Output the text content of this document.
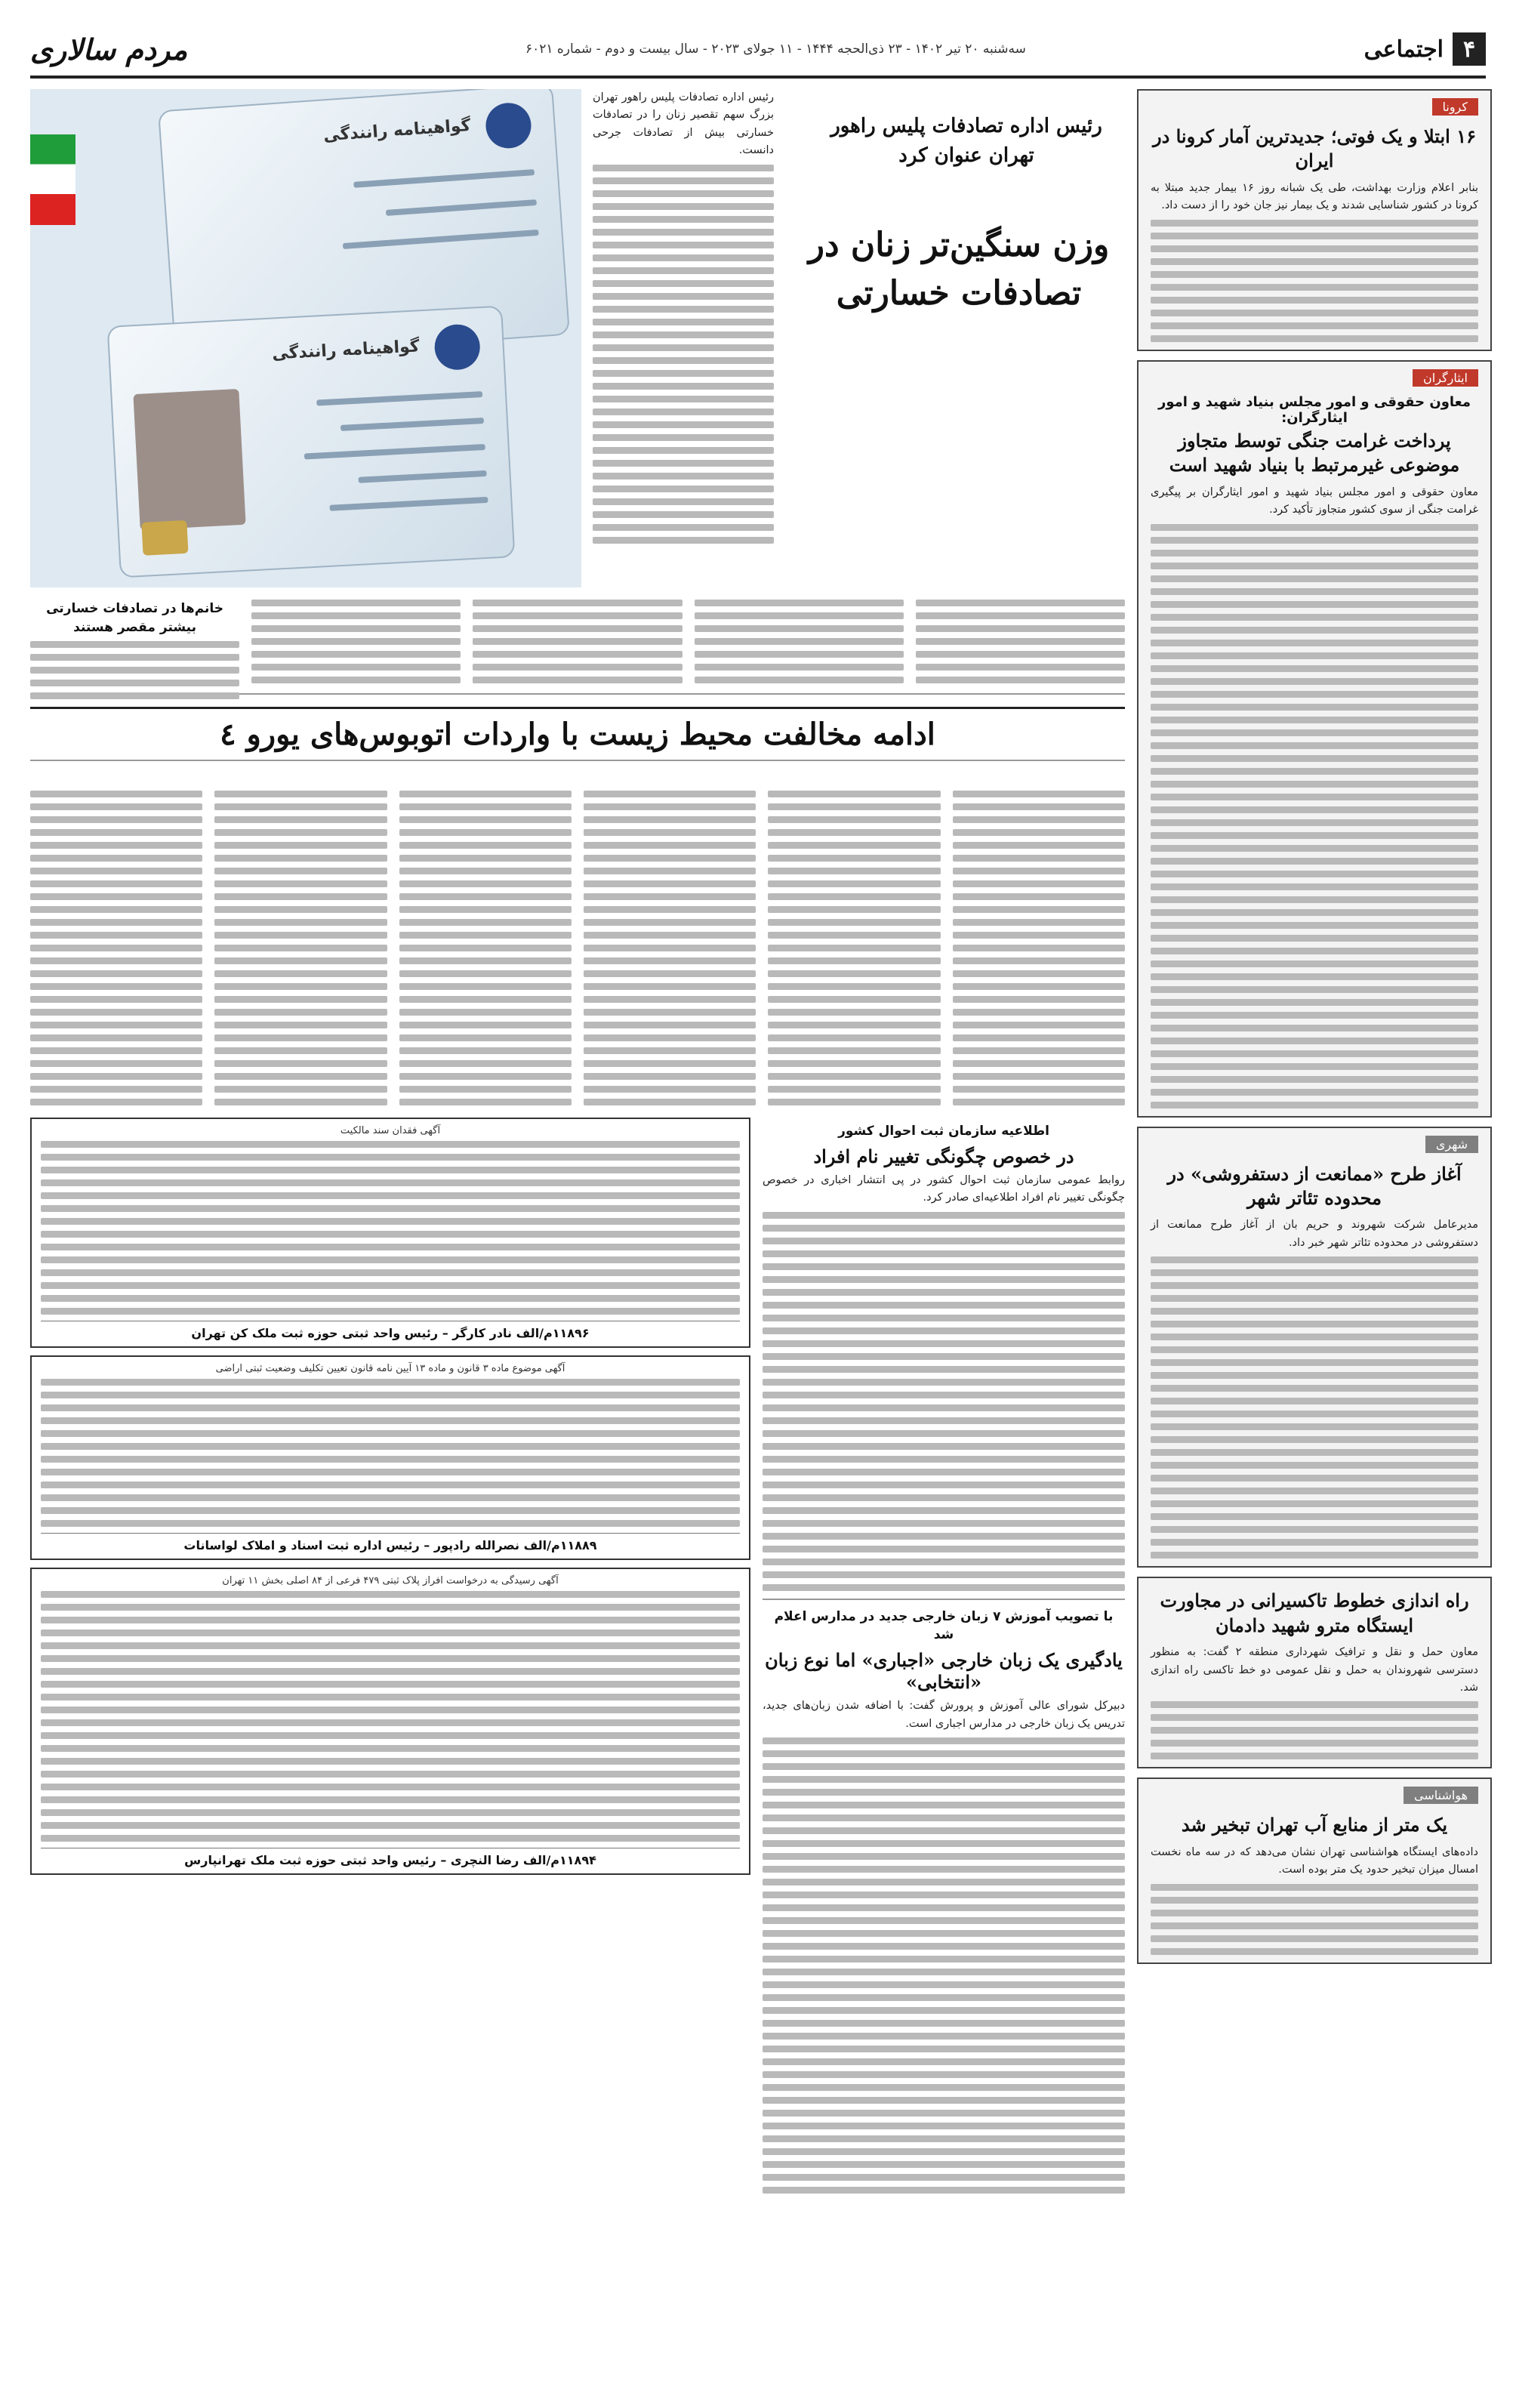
۴
اجتماعی
سه‌شنبه ۲۰ تیر ۱۴۰۲ - ۲۳ ذی‌الحجه ۱۴۴۴ - ۱۱ جولای ۲۰۲۳ - سال بیست و دوم - شماره ۶۰۲۱
مردم سالاری
کرونا
۱۶ ابتلا و یک فوتی؛ جدیدترین آمار کرونا در ایران
بنابر اعلام وزارت بهداشت، طی یک شبانه روز ۱۶ بیمار جدید مبتلا به کرونا در کشور شناسایی شدند و یک بیمار نیز جان خود را از دست داد.
ایثارگران
معاون حقوقی و امور مجلس بنیاد شهید و امور ایثارگران:
پرداخت غرامت جنگی توسط متجاوز موضوعی غیرمرتبط با بنیاد شهید است
معاون حقوقی و امور مجلس بنیاد شهید و امور ایثارگران بر پیگیری غرامت جنگی از سوی کشور متجاوز تأکید کرد.
شهری
آغاز طرح «ممانعت از دستفروشی» در محدوده تئاتر شهر
مدیرعامل شرکت شهروند و حریم بان از آغاز طرح ممانعت از دستفروشی در محدوده تئاتر شهر خبر داد.
راه اندازی خطوط تاکسیرانی در مجاورت ایستگاه مترو شهید دادمان
معاون حمل و نقل و ترافیک شهرداری منطقه ۲ گفت: به منظور دسترسی شهروندان به حمل و نقل عمومی دو خط تاکسی راه اندازی شد.
هواشناسی
یک متر از منابع آب تهران تبخیر شد
داده‌های ایستگاه هواشناسی تهران نشان می‌دهد که در سه ماه نخست امسال میزان تبخیر حدود یک متر بوده است.
گواهینامه رانندگی
گواهینامه رانندگی
رئیس اداره تصادفات پلیس راهور تهران بزرگ سهم تقصیر زنان را در تصادفات خسارتی بیش از تصادفات جرحی دانست.
رئیس اداره تصادفات پلیس راهور تهران عنوان کرد
وزن سنگین‌تر زنان در تصادفات خسارتی
خانم‌ها در تصادفات خسارتی بیشتر مقصر هستند
ادامه مخالفت محیط زیست با واردات اتوبوس‌های یورو ٤
اطلاعیه سازمان ثبت احوال کشور
در خصوص چگونگی تغییر نام افراد
روابط عمومی سازمان ثبت احوال کشور در پی انتشار اخباری در خصوص چگونگی تغییر نام افراد اطلاعیه‌ای صادر کرد.
با تصویب آموزش ۷ زبان خارجی جدید در مدارس اعلام شد
یادگیری یک زبان خارجی «اجباری» اما نوع زبان «انتخابی»
دبیرکل شورای عالی آموزش و پرورش گفت: با اضافه شدن زبان‌های جدید، تدریس یک زبان خارجی در مدارس اجباری است.
آگهی فقدان سند مالکیت
۱۱۸۹۶م/الف نادر کارگر – رئیس واحد ثبتی حوزه ثبت ملک کن تهران
آگهی موضوع ماده ۳ قانون و ماده ۱۳ آیین نامه قانون تعیین تکلیف وضعیت ثبتی اراضی
۱۱۸۸۹م/الف نصرالله رادپور – رئیس اداره ثبت اسناد و املاک لواسانات
آگهی رسیدگی به درخواست افراز پلاک ثبتی ۴۷۹ فرعی از ۸۴ اصلی بخش ۱۱ تهران
۱۱۸۹۴م/الف رضا النچری – رئیس واحد ثبتی حوزه ثبت ملک تهرانپارس
